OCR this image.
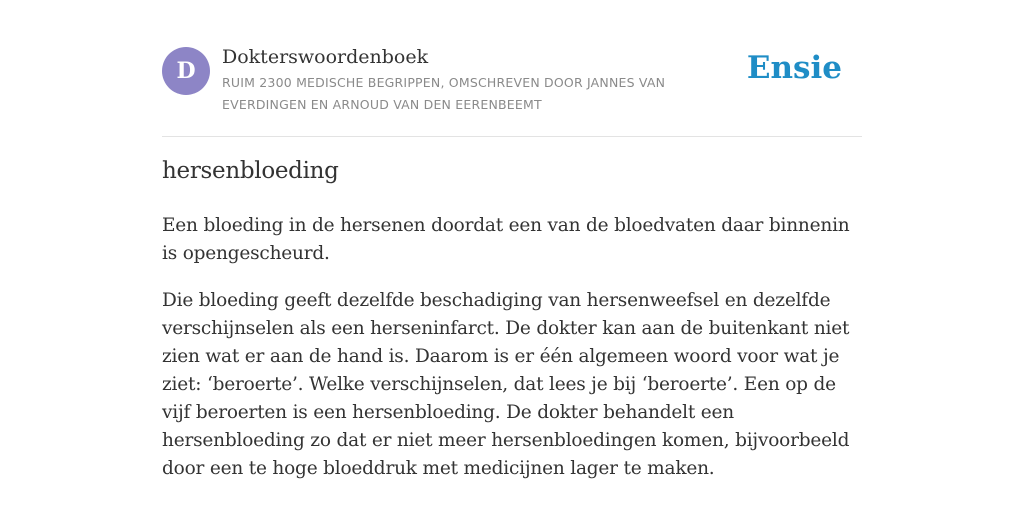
D
Dokterswoordenboek
RUIM 2300 MEDISCHE BEGRIPPEN, OMSCHREVEN DOOR JANNES VAN EVERDINGEN EN ARNOUD VAN DEN EERENBEEMT
Ensie
hersenbloeding

Een bloeding in de hersenen doordat een van de bloedvaten daar binnenin is opengescheurd.

Die bloeding geeft dezelfde beschadiging van hersenweefsel en dezelfde verschijnselen als een herseninfarct. De dokter kan aan de buitenkant niet zien wat er aan de hand is. Daarom is er één algemeen woord voor wat je ziet: ‘beroerte’. Welke verschijnselen, dat lees je bij ‘beroerte’. Een op de vijf beroerten is een hersenbloeding. De dokter behandelt een hersenbloeding zo dat er niet meer hersenbloedingen komen, bijvoorbeeld door een te hoge bloeddruk met medicijnen lager te maken.
